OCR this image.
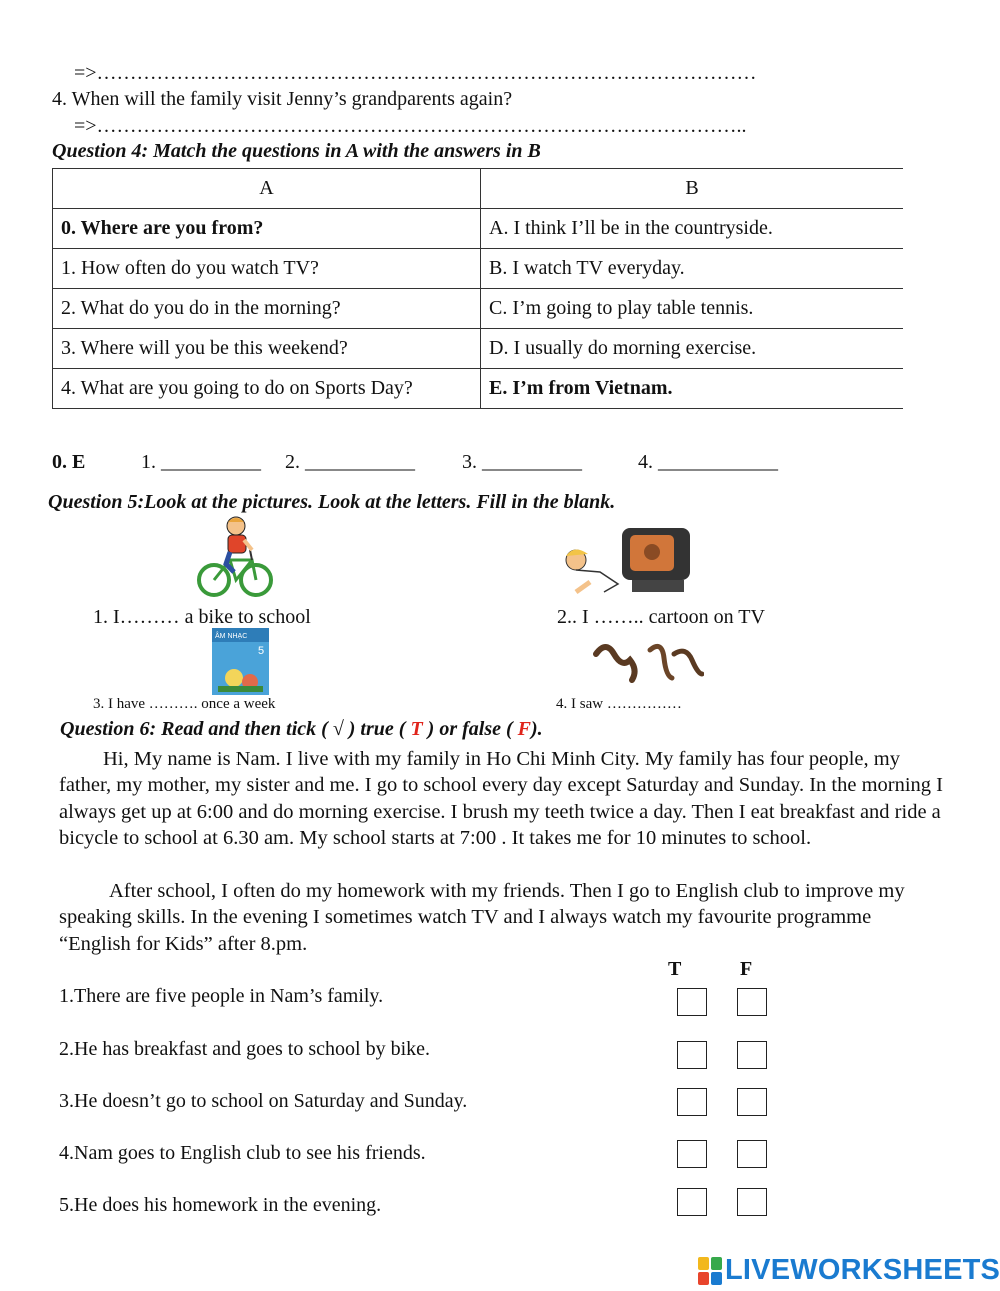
=>………………………………………………………………………………………
4. When will the family visit Jenny’s grandparents again?
=>……………………………………………………………………………………..
Question 4: Match the questions in A with the answers in B
A	B
0. Where are you from?	A. I think I’ll be in the countryside.
1. How often do you watch TV?	B. I watch TV everyday.
2. What do you do in the morning?	C. I’m going to play table tennis.
3. Where will you be this weekend?	D. I usually do morning exercise.
4. What are you going to do on Sports Day?	E. I’m from Vietnam.
0. E	1. __________ 2. ___________ 3. __________	4. ____________
Question 5:Look at the pictures. Look at the letters. Fill in the blank.
1. I……… a bike to school	2.. I …….. cartoon on TV
ÂM NHẠC
5
3. I have ………. once a week	4. I saw ……………
Question 6: Read and then tick ( √ ) true ( T ) or false ( F).
Hi, My name is Nam. I live with my family in Ho Chi Minh City. My family has four people, my father, my mother, my sister and me. I go to school every day except Saturday and Sunday. In the morning I always get up at 6:00 and do morning exercise. I brush my teeth twice a day. Then I eat breakfast and ride a bicycle to school at 6.30 am. My school starts at 7:00 . It takes me for 10 minutes to school.
After school, I often do my homework with my friends. Then I go to English club to improve my speaking skills. In the evening I sometimes watch TV and I always watch my favourite programme “English for Kids” after 8.pm.
T	F
1.There are five people in Nam’s family.
2.He has breakfast and goes to school by bike.
3.He doesn’t go to school on Saturday and Sunday.
4.Nam goes to English club to see his friends.
5.He does his homework in the evening.
LIVEWORKSHEETS
